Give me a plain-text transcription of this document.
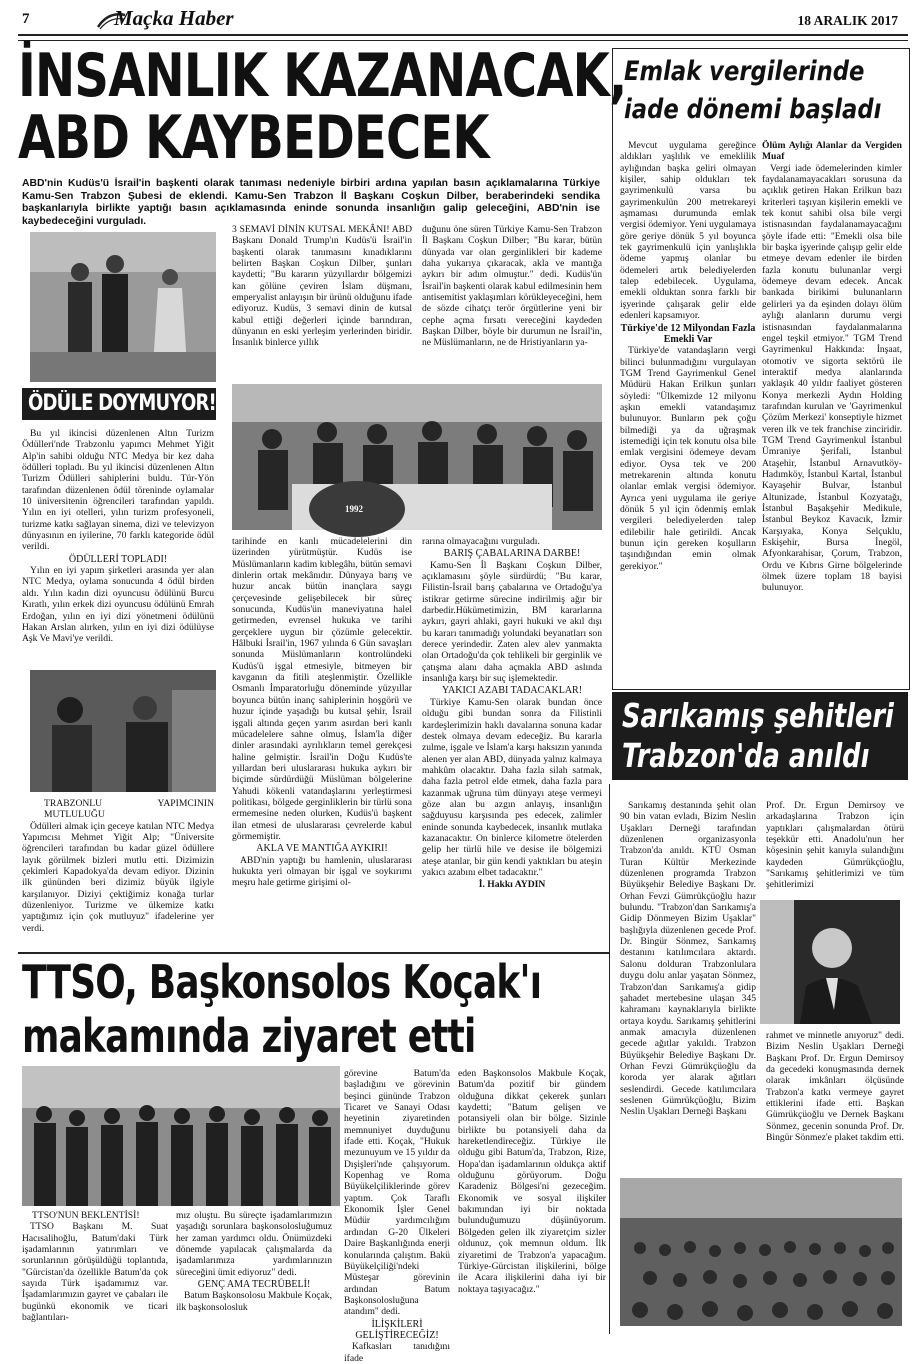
7	Maçka Haber	18 ARALIK 2017
İNSANLIK KAZANACAK,
ABD KAYBEDECEK
ABD'nin Kudüs'ü İsrail'in başkenti olarak tanıması nedeniyle birbiri ardına yapılan basın açıklamalarına Türkiye Kamu-Sen Trabzon Şubesi de eklendi. Kamu-Sen Trabzon İl Başkanı Coşkun Dilber, beraberindeki sendika başkanlarıyla birlikte yaptığı basın açıklamasında eninde sonunda insanlığın galip geleceğini, ABD'nin ise kaybedeceğini vurguladı.
ÖDÜLE DOYMUYOR!

Bu yıl ikincisi düzenlenen Altın Turizm Ödülleri'nde Trabzonlu yapımcı Mehmet Yiğit Alp'in sahibi olduğu NTC Medya bir kez daha ödülleri topladı. Bu yıl ikincisi düzenlenen Altın Turizm Ödülleri sahiplerini buldu. Tür-Yön tarafından düzenlenen ödül töreninde oylamalar 10 üniversitenin öğrencileri tarafından yapıldı. Yılın en iyi otelleri, yılın turizm profesyoneli, turizme katkı sağlayan sinema, dizi ve televizyon dünyasının en iyilerine, 70 farklı kategoride ödül verildi.

ÖDÜLLERİ TOPLADI!

Yılın en iyi yapım şirketleri arasında yer alan NTC Medya, oylama sonucunda 4 ödül birden aldı. Yılın kadın dizi oyuncusu ödülünü Burcu Kıratlı, yılın erkek dizi oyuncusu ödülünü Emrah Erdoğan, yılın en iyi dizi yönetmeni ödülünü Hakan Arslan alırken, yılın en iyi dizi ödülüyse Aşk Ve Mavi'ye verildi.

TRABZONLU YAPIMCININ MUTLULUĞU

Ödülleri almak için geceye katılan NTC Medya Yapımcısı Mehmet Yiğit Alp; "Üniversite öğrencileri tarafından bu kadar güzel ödüllere layık görülmek bizleri mutlu etti. Dizimizin çekimleri Kapadokya'da devam ediyor. Dizinin ilk gününden beri dizimiz büyük ilgiyle karşılanıyor. Diziyi çektiğimiz konağa turlar düzenleniyor. Turizme ve ülkemize katkı yaptığımız için çok mutluyuz" ifadelerine yer verdi.

3 SEMAVİ DİNİN KUTSAL MEKÂNI! ABD Başkanı Donald Trump'ın Kudüs'ü İsrail'in başkenti olarak tanımasını kınadıklarını belirten Başkan Coşkun Dilber, şunları kaydetti; "Bu kararın yüzyıllardır bölgemizi kan gölüne çeviren İslam düşmanı, emperyalist anlayışın bir ürünü olduğunu ifade ediyoruz. Kudüs, 3 semavi dinin de kutsal kabul ettiği değerleri içinde barındıran, dünyanın en eski yerleşim yerlerinden biridir. İnsanlık binlerce yıllık

duğunu öne süren Türkiye Kamu-Sen Trabzon İl Başkanı Coşkun Dilber; "Bu karar, bütün dünyada var olan gerginlikleri bir kademe daha yukarıya çıkaracak, akla ve mantığa aykırı bir adım olmuştur." dedi. Kudüs'ün İsrail'in başkenti olarak kabul edilmesinin hem antisemitist yaklaşımları körükleyeceğini, hem de sözde cihatçı terör örgütlerine yeni bir cephe açma fırsatı vereceğini kaydeden Başkan Dilber, böyle bir durumun ne İsrail'in, ne Müslümanların, ne de Hristiyanların ya-

1992

tarihinde en kanlı mücadelelerini din üzerinden yürütmüştür. Kudüs ise Müslümanların kadim kıblegâhı, bütün semavi dinlerin ortak mekânıdır. Dünyaya barış ve huzur ancak bütün inançlara saygı çerçevesinde gelişebilecek bir süreç sonucunda, Kudüs'ün maneviyatına halel getirmeden, evrensel hukuka ve tarihi gerçeklere uygun bir çözümle gelecektir. Hâlbuki İsrail'in, 1967 yılında 6 Gün savaşları sonunda Müslümanların kontrolündeki Kudüs'ü işgal etmesiyle, bitmeyen bir kavganın da fitili ateşlenmiştir. Özellikle Osmanlı İmparatorluğu döneminde yüzyıllar boyunca bütün inanç sahiplerinin hoşgörü ve huzur içinde yaşadığı bu kutsal şehir, İsrail işgali altında geçen yarım asırdan beri kanlı mücadelelere sahne olmuş, İslam'la diğer dinler arasındaki ayrılıkların temel gerekçesi haline gelmiştir. İsrail'in Doğu Kudüs'te yıllardan beri uluslararası hukuka aykırı bir biçimde sürdürdüğü Müslüman bölgelerine Yahudi kökenli vatandaşlarını yerleştirmesi politikası, bölgede gerginliklerin bir türlü sona ermemesine neden olurken, Kudüs'ü başkent ilan etmesi de uluslararası çevrelerde kabul görmemiştir.

AKLA VE MANTIĞA AYKIRI!

ABD'nin yaptığı bu hamlenin, uluslararası hukukta yeri olmayan bir işgal ve soykırımı meşru hale getirme girişimi ol-

rarına olmayacağını vurguladı.

BARIŞ ÇABALARINA DARBE!

Kamu-Sen İl Başkanı Coşkun Dilber, açıklamasını şöyle sürdürdü; "Bu karar, Filistin-İsrail barış çabalarına ve Ortadoğu'ya istikrar getirme sürecine indirilmiş ağır bir darbedir.Hükümetimizin, BM kararlarına aykırı, gayri ahlaki, gayri hukuki ve akıl dışı bu kararı tanımadığı yolundaki beyanatları son derece yerindedir. Zaten alev alev yanmakta olan Ortadoğu'da çok tehlikeli bir gerginlik ve çatışma alanı daha açmakla ABD aslında insanlığa karşı bir suç işlemektedir.

YAKICI AZABI TADACAKLAR!

Türkiye Kamu-Sen olarak bundan önce olduğu gibi bundan sonra da Filistinli kardeşlerimizin haklı davalarına sonuna kadar destek olmaya devam edeceğiz. Bu kararla zulme, işgale ve İslam'a karşı haksızın yanında alenen yer alan ABD, dünyada yalnız kalmaya mahkûm olacaktır. Daha fazla silah satmak, daha fazla petrol elde etmek, daha fazla para kazanmak uğruna tüm dünyayı ateşe vermeyi göze alan bu azgın anlayış, insanlığın sağduyusu karşısında pes edecek, zalimler eninde sonunda kaybedecek, insanlık mutlaka kazanacaktır. On binlerce kilometre ötelerden gelip her türlü hile ve desise ile bölgemizi ateşe atanlar, bir gün kendi yaktıkları bu ateşin yakıcı azabını elbet tadacaktır."

İ. Hakkı AYDIN
Emlak vergilerinde
iade dönemi başladı

Mevcut uygulama gereğince aldıkları yaşlılık ve emeklilik aylığından başka geliri olmayan kişiler, sahip oldukları tek gayrimenkulü varsa bu gayrimenkulün 200 metrekareyi aşmaması durumunda emlak vergisi ödemiyor. Yeni uygulamaya göre geriye dönük 5 yıl boyunca tek gayrimenkulü için yanlışlıkla ödeme yapmış olanlar bu ödemeleri artık belediyelerden talep edebilecek. Uygulama, emekli olduktan sonra farklı bir işyerinde çalışarak gelir elde edenleri kapsamıyor.

Türkiye'de 12 Milyondan Fazla Emekli Var

Türkiye'de vatandaşların vergi bilinci bulunmadığını vurgulayan TGM Trend Gayrimenkul Genel Müdürü Hakan Erilkun şunları söyledi: "Ülkemizde 12 milyonu aşkın emekli vatandaşımız bulunuyor. Bunların pek çoğu bilmediği ya da uğraşmak istemediği için tek konutu olsa bile emlak vergisini ödemeye devam ediyor. Oysa tek ve 200 metrekarenin altında konutu olanlar emlak vergisi ödemiyor. Ayrıca yeni uygulama ile geriye dönük 5 yıl için ödenmiş emlak vergileri belediyelerden talep edilebilir hale getirildi. Ancak bunun için gereken koşulların taşındığından emin olmak gerekiyor."

Ölüm Aylığı Alanlar da Vergiden Muaf

Vergi iade ödemelerinden kimler faydalanamayacakları sorusuna da açıklık getiren Hakan Erilkun bazı kriterleri taşıyan kişilerin emekli ve tek konut sahibi olsa bile vergi istisnasından faydalanamayacağını şöyle ifade etti: "Emekli olsa bile bir başka işyerinde çalışıp gelir elde etmeye devam edenler ile birden fazla konutu bulunanlar vergi ödemeye devam edecek. Ancak bankada birikimi bulunanların gelirleri ya da eşinden dolayı ölüm aylığı alanların durumu vergi istisnasından faydalanmalarına engel teşkil etmiyor." TGM Trend Gayrimenkul Hakkında: İnşaat, otomotiv ve sigorta sektörü ile interaktif medya alanlarında yaklaşık 40 yıldır faaliyet gösteren Konya merkezli Aydın Holding tarafından kurulan ve 'Gayrimenkul Çözüm Merkezi' konseptiyle hizmet veren ilk ve tek franchise zinciridir. TGM Trend Gayrimenkul İstanbul Ümraniye Şerifali, İstanbul Ataşehir, İstanbul Arnavutköy- Hadımköy, İstanbul Kartal, İstanbul Kayaşehir Bulvar, İstanbul Altunizade, İstanbul Kozyatağı, İstanbul Başakşehir Medikule, İstanbul Beykoz Kavacık, İzmir Karşıyaka, Konya Selçuklu, Eskişehir, Bursa İnegöl, Afyonkarahisar, Çorum, Trabzon, Ordu ve Kıbrıs Girne bölgelerinde ölmek üzere toplam 18 bayisi bulunuyor.

Sarıkamış şehitleri
Trabzon'da anıldı

Sarıkamış destanında şehit olan 90 bin vatan evladı, Bizim Neslin Uşakları Derneği tarafından düzenlenen organizasyonla Trabzon'da anıldı. KTÜ Osman Turan Kültür Merkezinde düzenlenen programda Trabzon Büyükşehir Belediye Başkanı Dr. Orhan Fevzi Gümrükçüoğlu hazır bulundu. "Trabzon'dan Sarıkamış'a Gidip Dönmeyen Bizim Uşaklar" başlığıyla düzenlenen gecede Prof. Dr. Bingür Sönmez, Sarıkamış destanını katılımcılara aktardı. Salonu dolduran Trabzonlulara duygu dolu anlar yaşatan Sönmez, Trabzon'dan Sarıkamış'a gidip şahadet mertebesine ulaşan 345 kahramanı kaynaklarıyla birlikte ortaya koydu. Sarıkamış şehitlerini anmak amacıyla düzenlenen gecede ağıtlar yakıldı. Trabzon Büyükşehir Belediye Başkanı Dr. Orhan Fevzi Gümrükçüoğlu da koroda yer alarak ağıtları seslendirdi. Gecede katılımcılara seslenen Gümrükçüoğlu, Bizim Neslin Uşakları Derneği Başkanı

Prof. Dr. Ergun Demirsoy ve arkadaşlarına Trabzon için yaptıkları çalışmalardan ötürü teşekkür etti. Anadolu'nun her köşesinin şehit kanıyla sulandığını kaydeden Gümrükçüoğlu, "Sarıkamış şehitlerimizi ve tüm şehitlerimizi

rahmet ve minnetle anıyoruz" dedi. Bizim Neslin Uşakları Derneği Başkanı Prof. Dr. Ergun Demirsoy da gecedeki konuşmasında dernek olarak imkânları ölçüsünde Trabzon'a katkı vermeye gayret ettiklerini ifade etti. Başkan Gümrükçüoğlu ve Dernek Başkanı Sönmez, gecenin sonunda Prof. Dr. Bingür Sönmez'e plaket takdim etti.

TTSO, Başkonsolos Koçak'ı
makamında ziyaret etti
TTSO'NUN BEKLENTİSİ!

TTSO Başkanı M. Suat Hacısalihoğlu, Batum'daki Türk işadamlarının yatırımları ve sorunlarının görüşüldüğü toplantıda, "Gürcistan'da özellikle Batum'da çok sayıda Türk işadamımız var. İşadamlarımızın gayret ve çabaları ile bugünkü ekonomik ve ticari bağlantıları-

mız oluştu. Bu süreçte işadamlarımızın yaşadığı sorunlara başkonsolosluğumuz her zaman yardımcı oldu. Önümüzdeki dönemde yapılacak çalışmalarda da işadamlarımıza yardımlarınızın süreceğini ümit ediyoruz" dedi.

GENÇ AMA TECRÜBELİ!

Batum Başkonsolosu Makbule Koçak, ilk başkonsolosluk

görevine Batum'da başladığını ve görevinin beşinci gününde Trabzon Ticaret ve Sanayi Odası heyetinin ziyaretinden memnuniyet duyduğunu ifade etti. Koçak, "Hukuk mezunuyum ve 15 yıldır da Dışişleri'nde çalışıyorum. Kopenhag ve Roma Büyükelçiliklerinde görev yaptım. Çok Taraflı Ekonomik İşler Genel Müdür yardımcılığım ardından G-20 Ülkeleri Daire Başkanlığında enerji konularında çalıştım. Bakü Büyükelçiliği'ndeki Müsteşar görevinin ardından Batum Başkonsolosluğuna atandım" dedi.

İLİŞKİLERİ GELİŞTİRECEĞİZ!

Kafkasları tanıdığını ifade

eden Başkonsolos Makbule Koçak, Batum'da pozitif bir gündem olduğuna dikkat çekerek şunları kaydetti; "Batum gelişen ve potansiyeli olan bir bölge. Sizinle birlikte bu potansiyeli daha da hareketlendireceğiz. Türkiye ile olduğu gibi Batum'da, Trabzon, Rize, Hopa'dan işadamlarının oldukça aktif olduğunu görüyorum. Doğu Karadeniz Bölgesi'ni gezeceğim. Ekonomik ve sosyal ilişkiler bakımından iyi bir noktada bulunduğumuzu düşünüyorum. Bölgeden gelen ilk ziyaretçim sizler oldunuz, çok memnun oldum. İlk ziyaretimi de Trabzon'a yapacağım. Türkiye-Gürcistan ilişkilerini, bölge ile Acara ilişkilerini daha iyi bir noktaya taşıyacağız."
